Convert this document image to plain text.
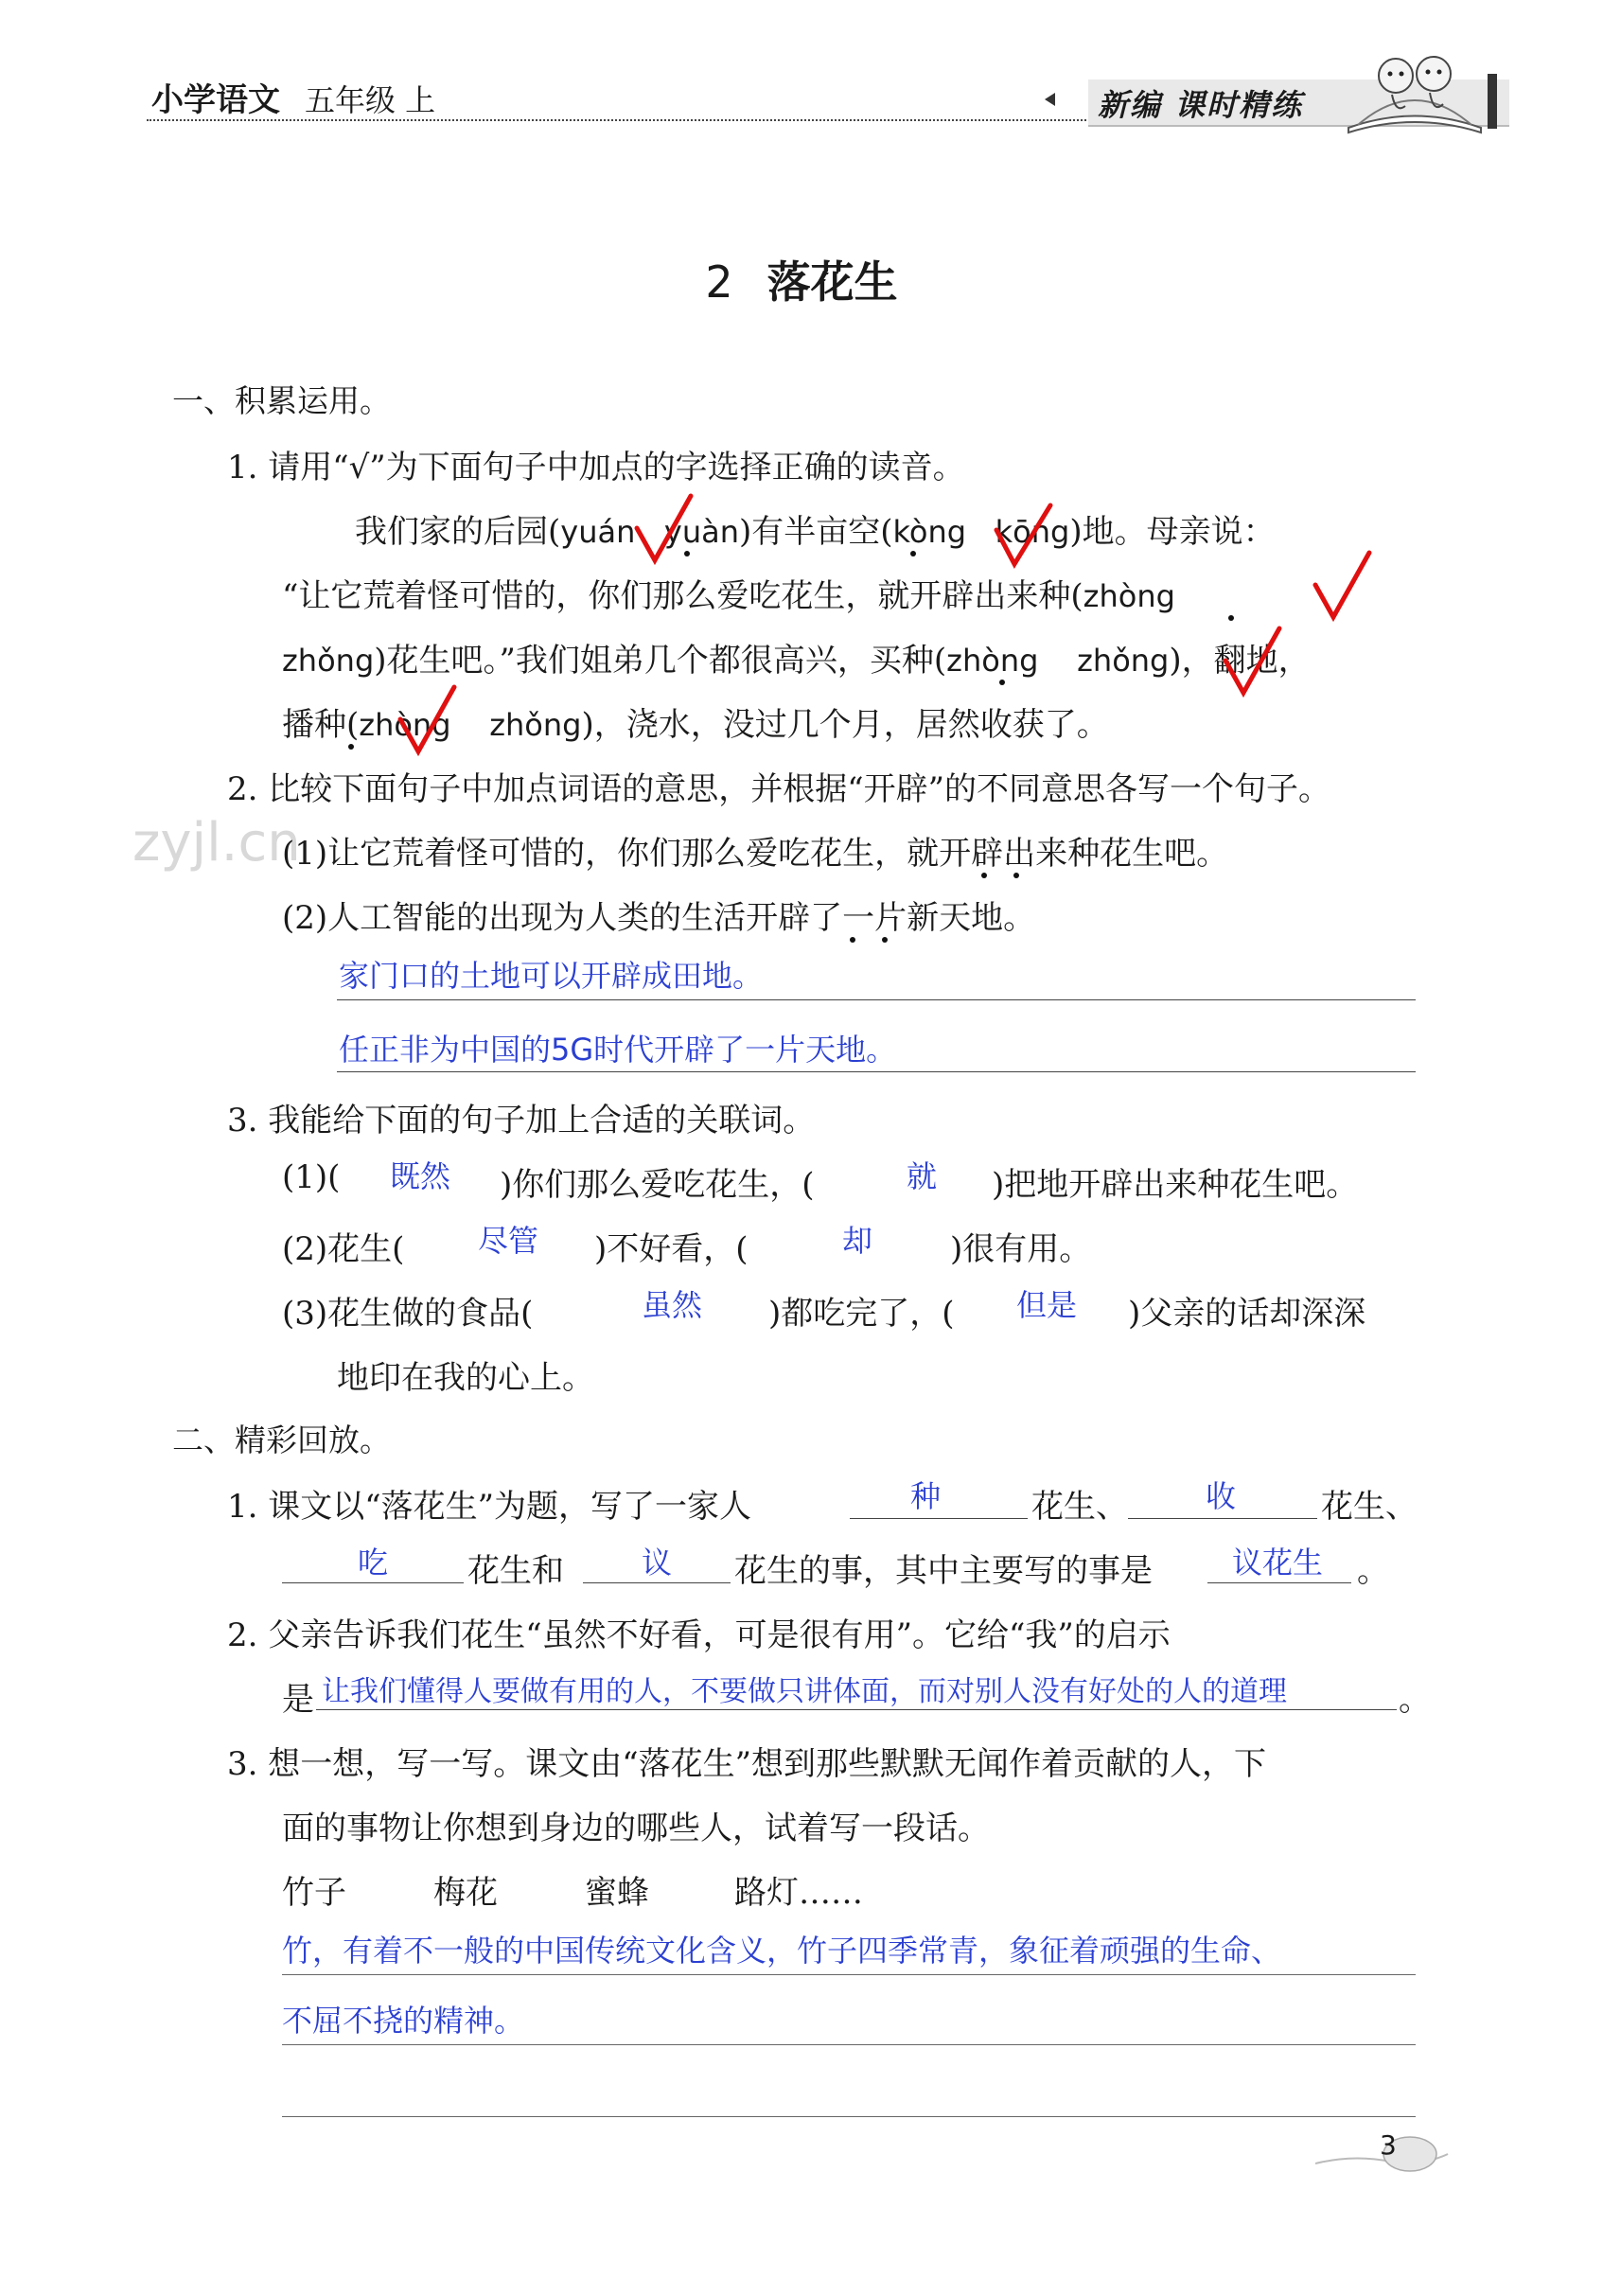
小学语文 五年级 上	新编 课时精练
2 落花生
一、积累运用。
1. 请用“√”为下面句子中加点的字选择正确的读音。
我们家的后园(yuán   yuàn)有半亩空(kòng   kōng)地。母亲说：
“让它荒着怪可惜的，你们那么爱吃花生，就开辟出来种(zhòng
zhǒng)花生吧。”我们姐弟几个都很高兴，买种(zhòng    zhǒng)，翻地，
播种(zhòng    zhǒng)，浇水，没过几个月，居然收获了。
2. 比较下面句子中加点词语的意思，并根据“开辟”的不同意思各写一个句子。
zyjl.cn
(1)让它荒着怪可惜的，你们那么爱吃花生，就开辟出来种花生吧。
(2)人工智能的出现为人类的生活开辟了一片新天地。
家门口的土地可以开辟成田地。
任正非为中国的5G时代开辟了一片天地。
3. 我能给下面的句子加上合适的关联词。
(1)( 既然 )你们那么爱吃花生，(	就 )把地开辟出来种花生吧。
(2)花生( 尽管 )不好看，(	却 )很有用。
(3)花生做的食品(	虽然 )都吃完了，( 但是 )父亲的话却深深
地印在我的心上。
二、精彩回放。
1. 课文以“落花生”为题，写了一家人	种	花生、	收	花生、
吃 花生和	议 花生的事，其中主要写的事是	议花生 。
2. 父亲告诉我们花生“虽然不好看，可是很有用”。它给“我”的启示
是 让我们懂得人要做有用的人，不要做只讲体面，而对别人没有好处的人的道理	。
3. 想一想，写一写。课文由“落花生”想到那些默默无闻作着贡献的人，下
面的事物让你想到身边的哪些人，试着写一段话。
竹子	梅花	蜜蜂	路灯……
竹，有着不一般的中国传统文化含义，竹子四季常青，象征着顽强的生命、
不屈不挠的精神。
3
